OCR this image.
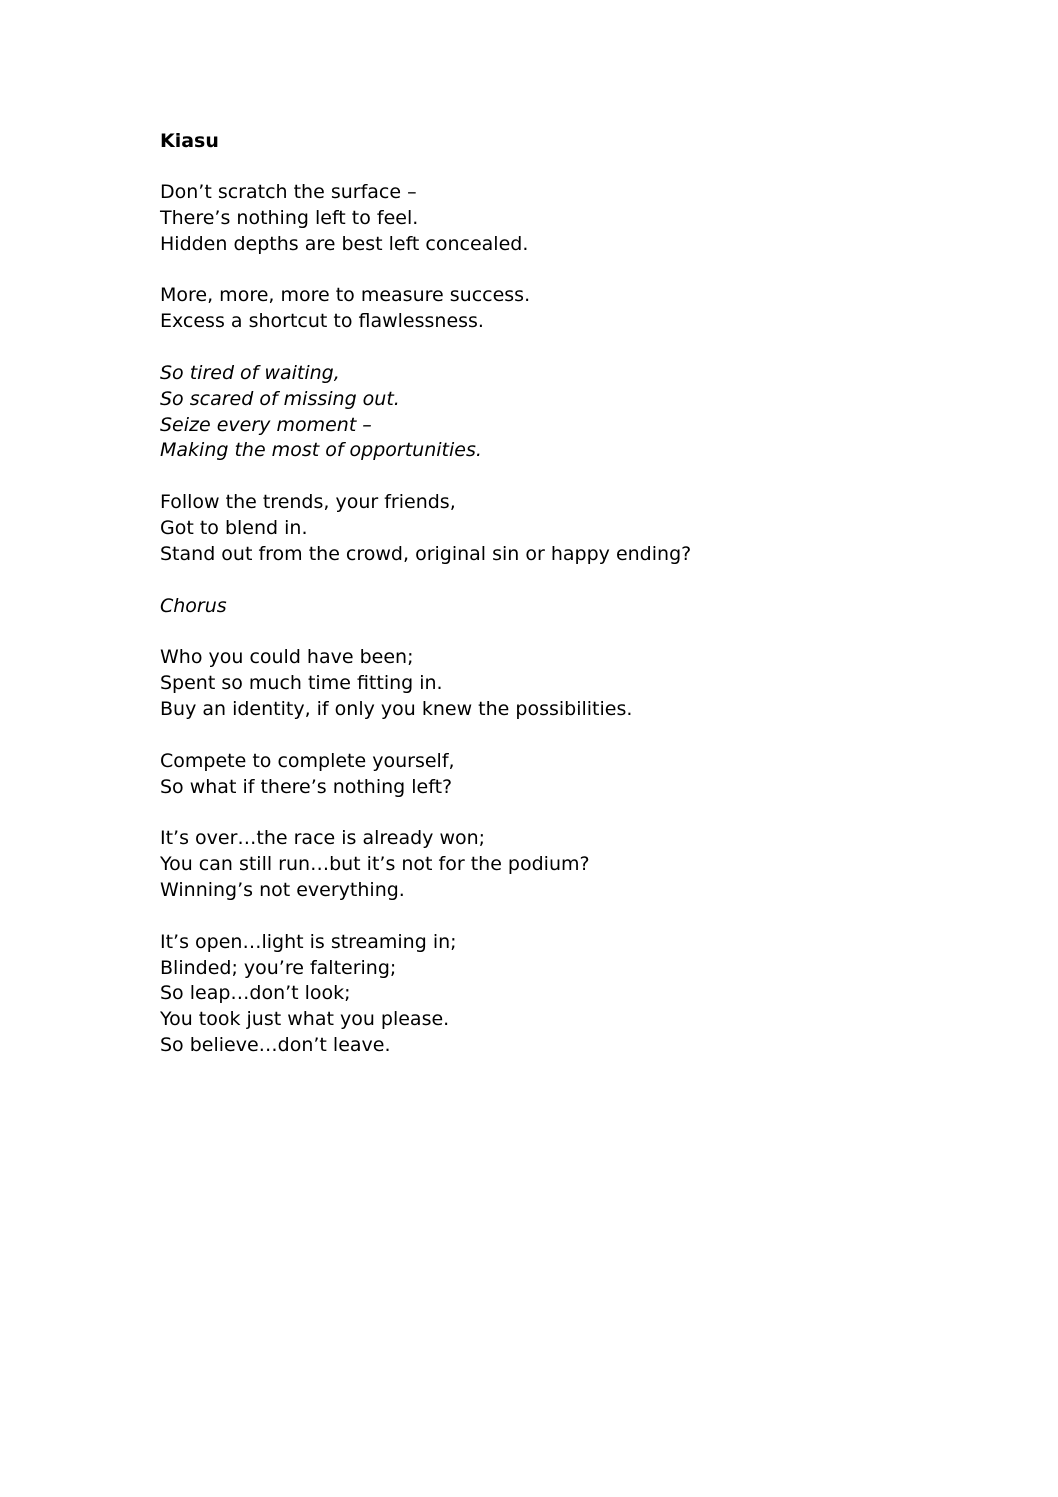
Kiasu
Don’t scratch the surface –
There’s nothing left to feel.
Hidden depths are best left concealed.
More, more, more to measure success.
Excess a shortcut to flawlessness.
So tired of waiting,
So scared of missing out.
Seize every moment –
Making the most of opportunities.
Follow the trends, your friends,
Got to blend in.
Stand out from the crowd, original sin or happy ending?
Chorus
Who you could have been;
Spent so much time fitting in.
Buy an identity, if only you knew the possibilities.
Compete to complete yourself,
So what if there’s nothing left?
It’s over…the race is already won;
You can still run…but it’s not for the podium?
Winning’s not everything.
It’s open…light is streaming in;
Blinded; you’re faltering;
So leap…don’t look;
You took just what you please.
So believe…don’t leave.
